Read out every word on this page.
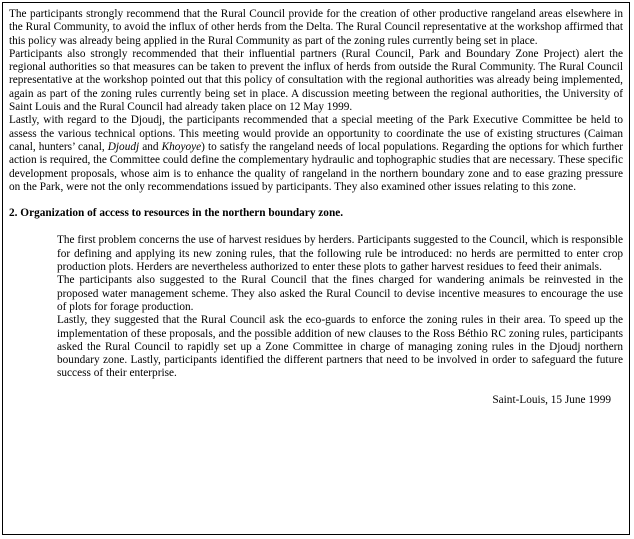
The participants strongly recommend that the Rural Council provide for the creation of other productive rangeland areas elsewhere in the Rural Community, to avoid the influx of other herds from the Delta. The Rural Council representative at the workshop affirmed that this policy was already being applied in the Rural Community as part of the zoning rules currently being set in place.

Participants also strongly recommended that their influential partners (Rural Council, Park and Boundary Zone Project) alert the regional authorities so that measures can be taken to prevent the influx of herds from outside the Rural Community. The Rural Council representative at the workshop pointed out that this policy of consultation with the regional authorities was already being implemented, again as part of the zoning rules currently being set in place. A discussion meeting between the regional authorities, the University of Saint Louis and the Rural Council had already taken place on 12 May 1999.

Lastly, with regard to the Djoudj, the participants recommended that a special meeting of the Park Executive Committee be held to assess the various technical options. This meeting would provide an opportunity to coordinate the use of existing structures (Caiman canal, hunters’ canal, Djoudj and Khoyoye) to satisfy the rangeland needs of local populations. Regarding the options for which further action is required, the Committee could define the complementary hydraulic and tophographic studies that are necessary. These specific development proposals, whose aim is to enhance the quality of rangeland in the northern boundary zone and to ease grazing pressure on the Park, were not the only recommendations issued by participants. They also examined other issues relating to this zone.

2. Organization of access to resources in the northern boundary zone.

The first problem concerns the use of harvest residues by herders. Participants suggested to the Council, which is responsible for defining and applying its new zoning rules, that the following rule be introduced: no herds are permitted to enter crop production plots. Herders are nevertheless authorized to enter these plots to gather harvest residues to feed their animals.

The participants also suggested to the Rural Council that the fines charged for wandering animals be reinvested in the proposed water management scheme. They also asked the Rural Council to devise incentive measures to encourage the use of plots for forage production.

Lastly, they suggested that the Rural Council ask the eco-guards to enforce the zoning rules in their area. To speed up the implementation of these proposals, and the possible addition of new clauses to the Ross Béthio RC zoning rules, participants asked the Rural Council to rapidly set up a Zone Committee in charge of managing zoning rules in the Djoudj northern boundary zone. Lastly, participants identified the different partners that need to be involved in order to safeguard the future success of their enterprise.

Saint-Louis, 15 June 1999
